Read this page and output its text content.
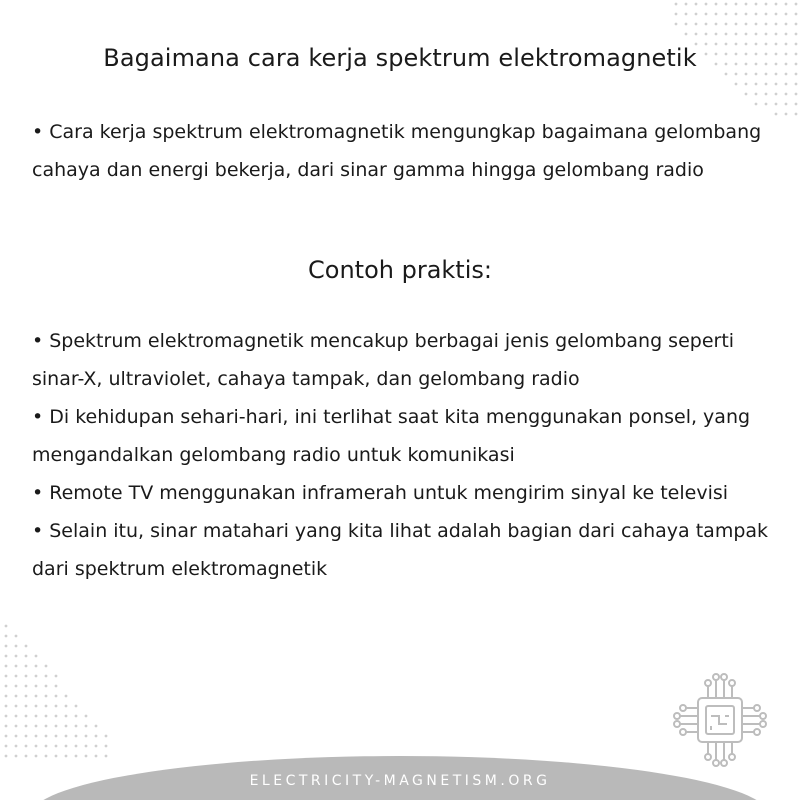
Bagaimana cara kerja spektrum elektromagnetik

• Cara kerja spektrum elektromagnetik mengungkap bagaimana gelombang cahaya dan energi bekerja, dari sinar gamma hingga gelombang radio

Contoh praktis:
• Spektrum elektromagnetik mencakup berbagai jenis gelombang seperti sinar-X, ultraviolet, cahaya tampak, dan gelombang radio
• Di kehidupan sehari-hari, ini terlihat saat kita menggunakan ponsel, yang mengandalkan gelombang radio untuk komunikasi
• Remote TV menggunakan inframerah untuk mengirim sinyal ke televisi
• Selain itu, sinar matahari yang kita lihat adalah bagian dari cahaya tampak dari spektrum elektromagnetik
ELECTRICITY-MAGNETISM.ORG
